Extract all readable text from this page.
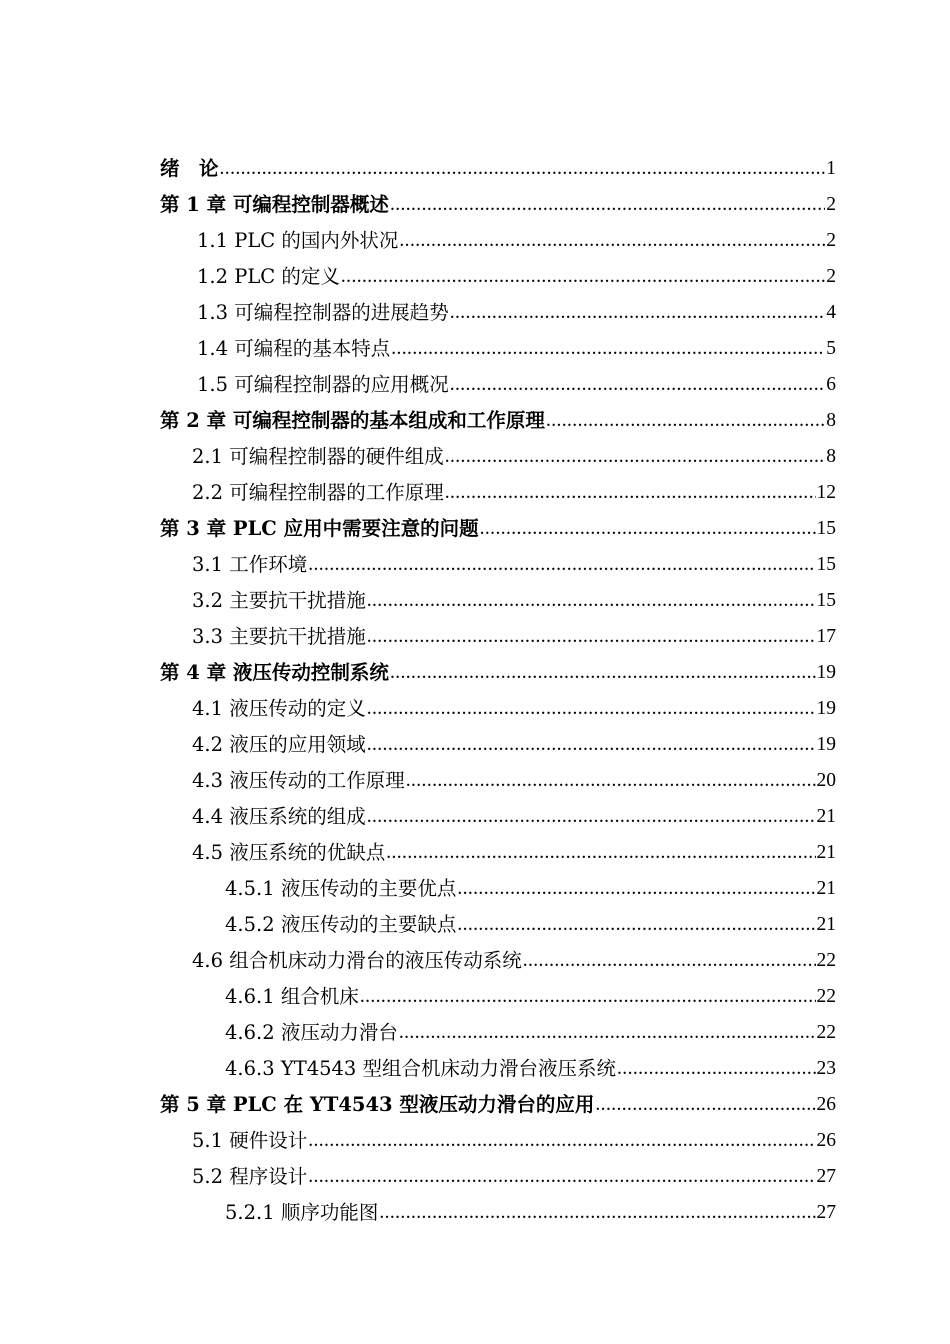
绪　论 .....	1
第 1 章 可编程控制器概述 .....	2
1.1 PLC 的国内外状况 .....	2
1.2 PLC 的定义 .....	2
1.3 可编程控制器的进展趋势 .....	4
1.4 可编程的基本特点 .....	5
1.5 可编程控制器的应用概况 .....	6
第 2 章 可编程控制器的基本组成和工作原理 .....	8
2.1 可编程控制器的硬件组成 .....	8
2.2 可编程控制器的工作原理 .....	12
第 3 章 PLC 应用中需要注意的问题 .....	15
3.1 工作环境 .....	15
3.2 主要抗干扰措施 .....	15
3.3 主要抗干扰措施 .....	17
第 4 章 液压传动控制系统 .....	19
4.1 液压传动的定义 .....	19
4.2 液压的应用领域 .....	19
4.3 液压传动的工作原理 .....	20
4.4 液压系统的组成 .....	21
4.5 液压系统的优缺点 .....	21
4.5.1 液压传动的主要优点 .....	21
4.5.2 液压传动的主要缺点 .....	21
4.6 组合机床动力滑台的液压传动系统 .....	22
4.6.1 组合机床 .....	22
4.6.2 液压动力滑台 .....	22
4.6.3 YT4543 型组合机床动力滑台液压系统 .....	23
第 5 章 PLC 在 YT4543 型液压动力滑台的应用 .....	26
5.1 硬件设计 .....	26
5.2 程序设计 .....	27
5.2.1 顺序功能图 .....	27
